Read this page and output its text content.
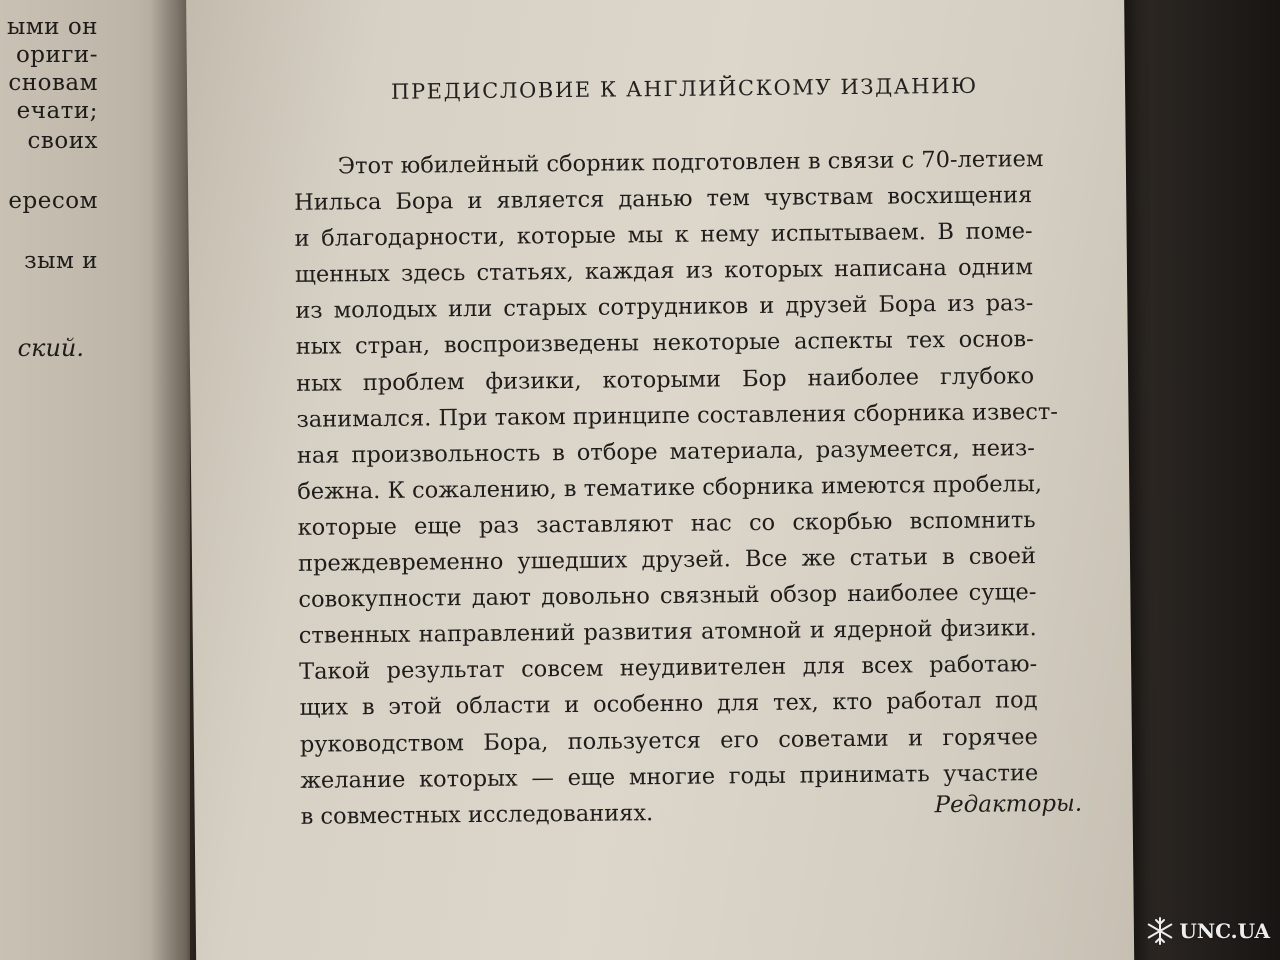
ыми он
ориги-
сновам
ечати;
своих
ересом
зым и
ский.
ПРЕДИСЛОВИЕ К АНГЛИЙСКОМУ ИЗДАНИЮ
Этот юбилейный сборник подготовлен в связи с 70-летием
Нильса Бора и является данью тем чувствам восхищения
и благодарности, которые мы к нему испытываем. В поме-
щенных здесь статьях, каждая из которых написана одним
из молодых или старых сотрудников и друзей Бора из раз-
ных стран, воспроизведены некоторые аспекты тех основ-
ных проблем физики, которыми Бор наиболее глубоко
занимался. При таком принципе составления сборника извест-
ная произвольность в отборе материала, разумеется, неиз-
бежна. К сожалению, в тематике сборника имеются пробелы,
которые еще раз заставляют нас со скорбью вспомнить
преждевременно ушедших друзей. Все же статьи в своей
совокупности дают довольно связный обзор наиболее суще-
ственных направлений развития атомной и ядерной физики.
Такой результат совсем неудивителен для всех работаю-
щих в этой области и особенно для тех, кто работал под
руководством Бора, пользуется его советами и горячее
желание которых — еще многие годы принимать участие
в совместных исследованиях.	Редакторы.
UNC.UA
